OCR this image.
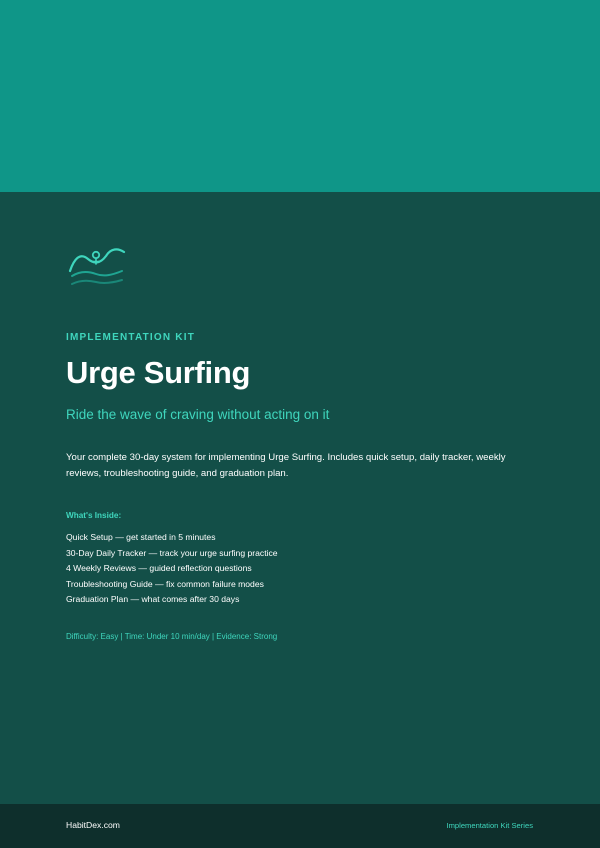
IMPLEMENTATION KIT
Urge Surfing
Ride the wave of craving without acting on it
Your complete 30-day system for implementing Urge Surfing. Includes quick setup, daily tracker, weekly reviews, troubleshooting guide, and graduation plan.
What's Inside:
Quick Setup — get started in 5 minutes
30-Day Daily Tracker — track your urge surfing practice
4 Weekly Reviews — guided reflection questions
Troubleshooting Guide — fix common failure modes
Graduation Plan — what comes after 30 days
Difficulty: Easy | Time: Under 10 min/day | Evidence: Strong
HabitDex.com	Implementation Kit Series
